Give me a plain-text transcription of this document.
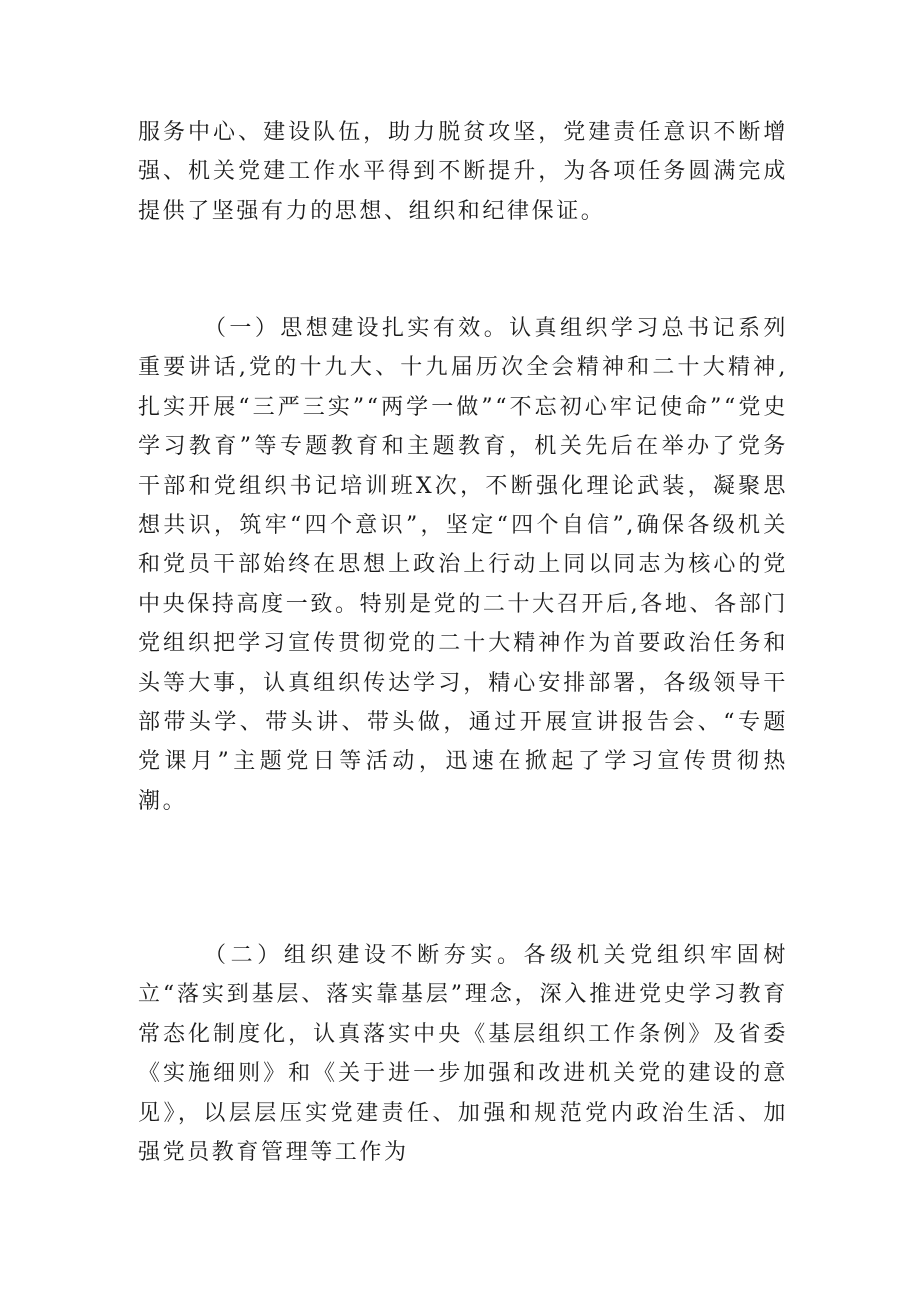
服务中心、建设队伍，助力脱贫攻坚，党建责任意识不断增强、机关党建工作水平得到不断提升，为各项任务圆满完成提供了坚强有力的思想、组织和纪律保证。

（一）思想建设扎实有效。认真组织学习总书记系列重要讲话,党的十九大、十九届历次全会精神和二十大精神,扎实开展“三严三实”“两学一做”“不忘初心牢记使命”“党史学习教育”等专题教育和主题教育，机关先后在举办了党务干部和党组织书记培训班X次，不断强化理论武装，凝聚思想共识，筑牢“四个意识”，坚定“四个自信”,确保各级机关和党员干部始终在思想上政治上行动上同以同志为核心的党中央保持高度一致。特别是党的二十大召开后,各地、各部门党组织把学习宣传贯彻党的二十大精神作为首要政治任务和头等大事，认真组织传达学习，精心安排部署，各级领导干部带头学、带头讲、带头做，通过开展宣讲报告会、“专题党课月”主题党日等活动，迅速在掀起了学习宣传贯彻热潮。

（二）组织建设不断夯实。各级机关党组织牢固树立“落实到基层、落实靠基层”理念，深入推进党史学习教育常态化制度化，认真落实中央《基层组织工作条例》及省委《实施细则》和《关于进一步加强和改进机关党的建设的意见》，以层层压实党建责任、加强和规范党内政治生活、加强党员教育管理等工作为
